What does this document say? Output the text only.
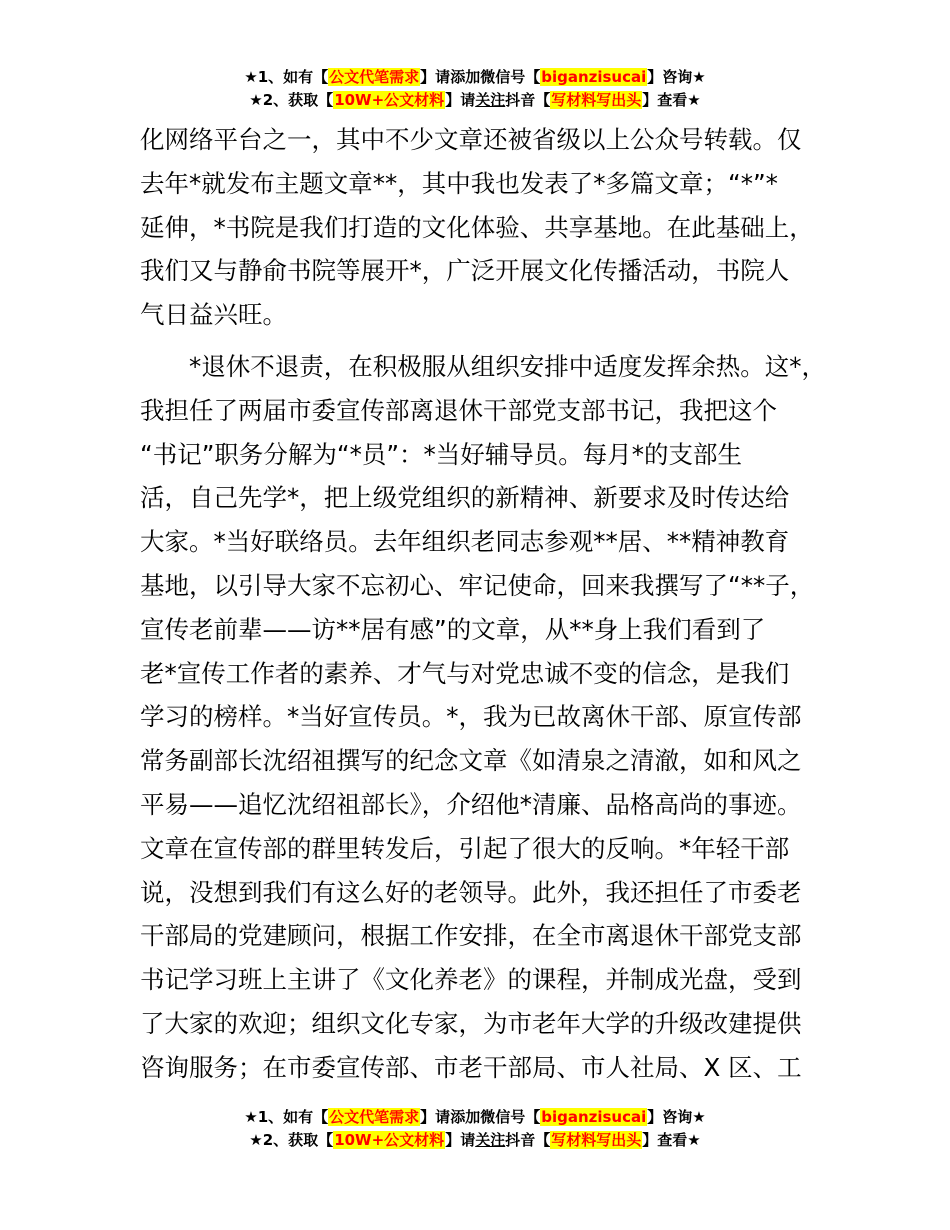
★1、如有【公文代笔需求】请添加微信号【biganzisucai】咨询★
★2、获取【10W+公文材料】请关注抖音【写材料写出头】查看★

化网络平台之一，其中不少文章还被省级以上公众号转载。仅
去年*就发布主题文章**，其中我也发表了*多篇文章；“*”*
延伸，*书院是我们打造的文化体验、共享基地。在此基础上，
我们又与静俞书院等展开*，广泛开展文化传播活动，书院人
气日益兴旺。

*退休不退责，在积极服从组织安排中适度发挥余热。这*，
我担任了两届市委宣传部离退休干部党支部书记，我把这个
“书记”职务分解为“*员”：*当好辅导员。每月*的支部生
活，自己先学*，把上级党组织的新精神、新要求及时传达给
大家。*当好联络员。去年组织老同志参观**居、**精神教育
基地，以引导大家不忘初心、牢记使命，回来我撰写了“**子，
宣传老前辈——访**居有感”的文章，从**身上我们看到了
老*宣传工作者的素养、才气与对党忠诚不变的信念，是我们
学习的榜样。*当好宣传员。*，我为已故离休干部、原宣传部
常务副部长沈绍祖撰写的纪念文章《如清泉之清澈，如和风之
平易——追忆沈绍祖部长》，介绍他*清廉、品格高尚的事迹。
文章在宣传部的群里转发后，引起了很大的反响。*年轻干部
说，没想到我们有这么好的老领导。此外，我还担任了市委老
干部局的党建顾问，根据工作安排，在全市离退休干部党支部
书记学习班上主讲了《文化养老》的课程，并制成光盘，受到
了大家的欢迎；组织文化专家，为市老年大学的升级改建提供
咨询服务；在市委宣传部、市老干部局、市人社局、X 区、工

★1、如有【公文代笔需求】请添加微信号【biganzisucai】咨询★
★2、获取【10W+公文材料】请关注抖音【写材料写出头】查看★
